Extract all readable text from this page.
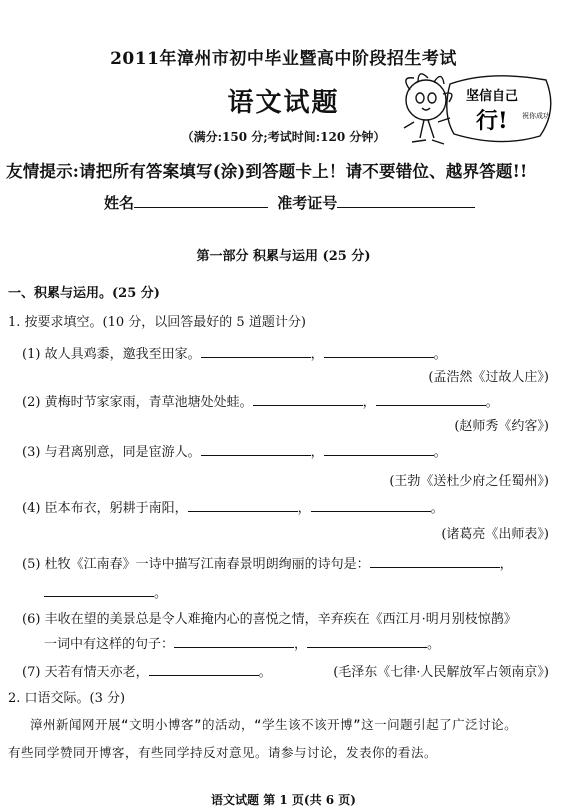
2011年漳州市初中毕业暨高中阶段招生考试
语文试题
（满分:150 分;考试时间:120 分钟）
坚信自己
行! 祝你成功
友情提示:请把所有答案填写(涂)到答题卡上！请不要错位、越界答题!!
姓名	准考证号
第一部分 积累与运用 (25 分)
一、积累与运用。(25 分)
1. 按要求填空。(10 分，以回答最好的 5 道题计分)
(1) 故人具鸡黍，邀我至田家。	，	。
(孟浩然《过故人庄》)
(2) 黄梅时节家家雨，青草池塘处处蛙。	，	。
(赵师秀《约客》)
(3) 与君离别意，同是宦游人。	，	。
(王勃《送杜少府之任蜀州》)
(4) 臣本布衣，躬耕于南阳，	，	。
(诸葛亮《出师表》)
(5) 杜牧《江南春》一诗中描写江南春景明朗绚丽的诗句是：	，
。
(6) 丰收在望的美景总是令人难掩内心的喜悦之情，辛弃疾在《西江月·明月别枝惊鹊》
一词中有这样的句子：	，	。
(7) 天若有情天亦老，	。	(毛泽东《七律·人民解放军占领南京》)
2. 口语交际。(3 分)
漳州新闻网开展“文明小博客”的活动，“学生该不该开博”这一问题引起了广泛讨论。
有些同学赞同开博客，有些同学持反对意见。请参与讨论，发表你的看法。
语文试题 第 1 页(共 6 页)
